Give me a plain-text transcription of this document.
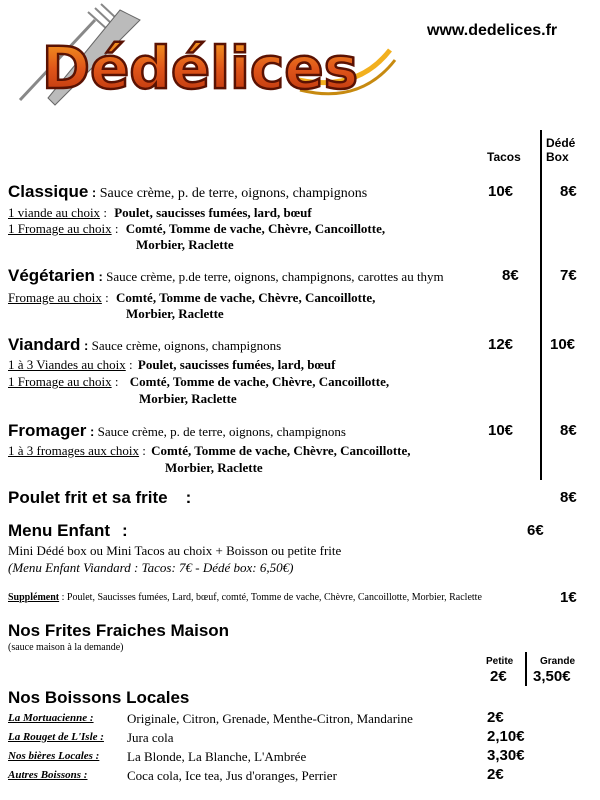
Dédélices
www.dedelices.fr
Tacos
Dédé
Box
Classique : Sauce crème, p. de terre, oignons, champignons	10€	8€
1 viande au choix : Poulet, saucisses fumées, lard, bœuf
1 Fromage au choix : Comté, Tomme de vache, Chèvre, Cancoillotte,
Morbier, Raclette
Végétarien : Sauce crème, p.de terre, oignons, champignons, carottes au thym	8€	7€
Fromage au choix : Comté, Tomme de vache, Chèvre, Cancoillotte,
Morbier, Raclette
Viandard : Sauce crème, oignons, champignons	12€ 10€
1 à 3 Viandes au choix : Poulet, saucisses fumées, lard, bœuf
1 Fromage au choix : Comté, Tomme de vache, Chèvre, Cancoillotte,
Morbier, Raclette
Fromager : Sauce crème, p. de terre, oignons, champignons	10€	8€
1 à 3 fromages aux choix : Comté, Tomme de vache, Chèvre, Cancoillotte,
Morbier, Raclette
Poulet frit et sa frite :	8€
Menu Enfant :	6€
Mini Dédé box ou Mini Tacos au choix + Boisson ou petite frite
(Menu Enfant Viandard : Tacos: 7€ - Dédé box: 6,50€)
Supplément : Poulet, Saucisses fumées, Lard, bœuf, comté, Tomme de vache, Chèvre, Cancoillotte, Morbier, Raclette	1€
Nos Frites Fraiches Maison
(sauce maison à la demande)
Petite	Grande
2€ 3,50€
Nos Boissons Locales
La Mortuacienne :	Originale, Citron, Grenade, Menthe-Citron, Mandarine	2€
La Rouget de L'Isle : Jura cola	2,10€
Nos bières Locales : La Blonde, La Blanche, L'Ambrée	3,30€
Autres Boissons :	Coca cola, Ice tea, Jus d'oranges, Perrier	2€
